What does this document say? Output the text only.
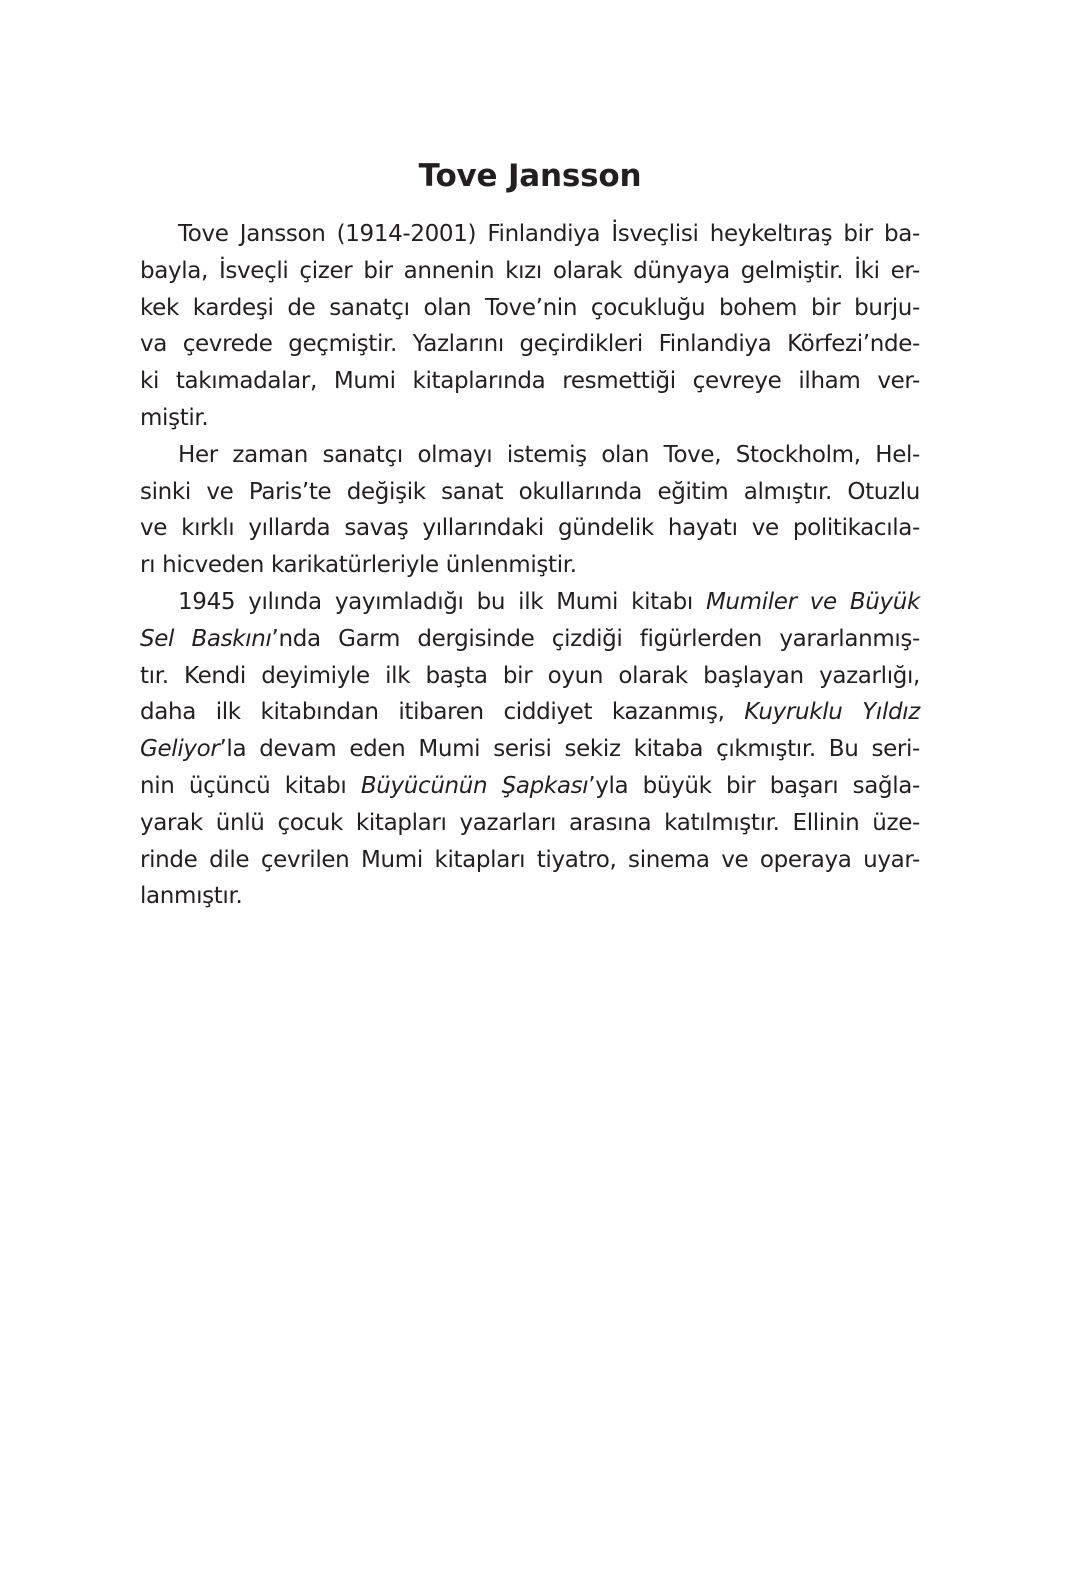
Tove Jansson
Tove Jansson (1914-2001) Finlandiya İsveçlisi heykeltıraş bir ba-
bayla, İsveçli çizer bir annenin kızı olarak dünyaya gelmiştir. İki er-
kek kardeşi de sanatçı olan Tove’nin çocukluğu bohem bir burju-
va çevrede geçmiştir. Yazlarını geçirdikleri Finlandiya Körfezi’nde-
ki takımadalar, Mumi kitaplarında resmettiği çevreye ilham ver-
miştir.
Her zaman sanatçı olmayı istemiş olan Tove, Stockholm, Hel-
sinki ve Paris’te değişik sanat okullarında eğitim almıştır. Otuzlu
ve kırklı yıllarda savaş yıllarındaki gündelik hayatı ve politikacıla-
rı hicveden karikatürleriyle ünlenmiştir.
1945 yılında yayımladığı bu ilk Mumi kitabı Mumiler ve Büyük
Sel Baskını’nda Garm dergisinde çizdiği figürlerden yararlanmış-
tır. Kendi deyimiyle ilk başta bir oyun olarak başlayan yazarlığı,
daha ilk kitabından itibaren ciddiyet kazanmış, Kuyruklu Yıldız
Geliyor’la devam eden Mumi serisi sekiz kitaba çıkmıştır. Bu seri-
nin üçüncü kitabı Büyücünün Şapkası’yla büyük bir başarı sağla-
yarak ünlü çocuk kitapları yazarları arasına katılmıştır. Ellinin üze-
rinde dile çevrilen Mumi kitapları tiyatro, sinema ve operaya uyar-
lanmıştır.
